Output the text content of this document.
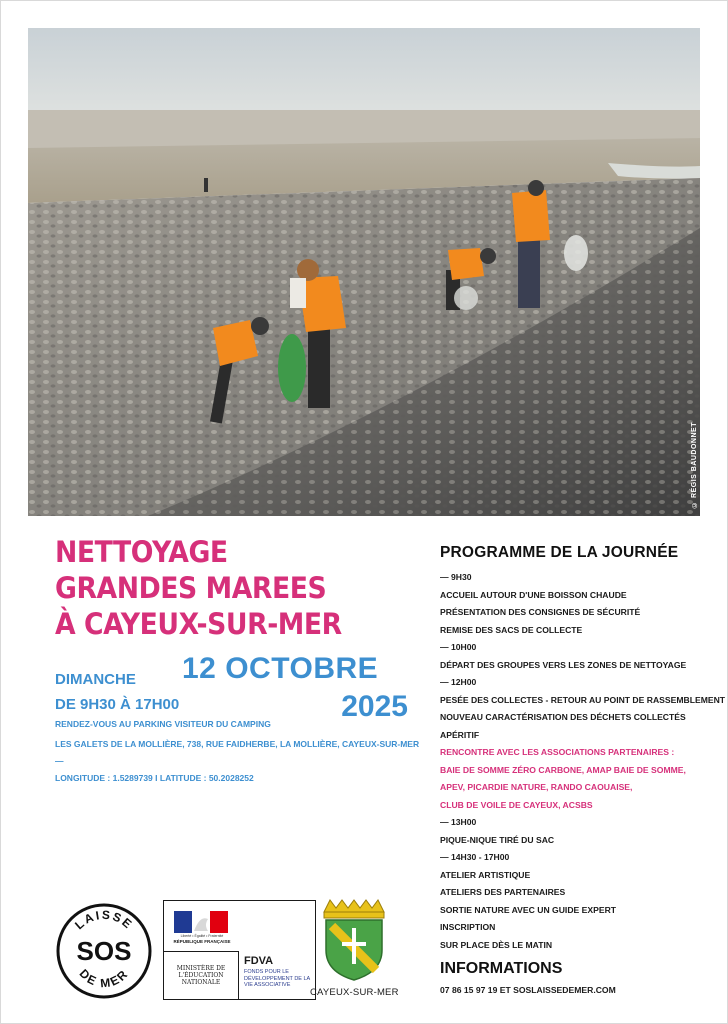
© RÉGIS BAUDONNET
NETTOYAGE
GRANDES MAREES
À CAYEUX-SUR-MER
DIMANCHE
DE 9H30 À 17H00
12 OCTOBRE
2025
RENDEZ-VOUS AU PARKING VISITEUR DU CAMPING
LES GALETS DE LA MOLLIÈRE, 738, RUE FAIDHERBE, LA MOLLIÈRE, CAYEUX-SUR-MER
—
LONGITUDE : 1.5289739 I LATITUDE : 50.2028252
PROGRAMME DE LA JOURNÉE
— 9H30
ACCUEIL AUTOUR D'UNE BOISSON CHAUDE
PRÉSENTATION DES CONSIGNES DE SÉCURITÉ
REMISE DES SACS DE COLLECTE
— 10H00
DÉPART DES GROUPES VERS LES ZONES DE NETTOYAGE
— 12H00
PESÉE DES COLLECTES - RETOUR AU POINT DE RASSEMBLEMENT
NOUVEAU CARACTÉRISATION DES DÉCHETS COLLECTÉS
APÉRITIF
RENCONTRE AVEC LES ASSOCIATIONS PARTENAIRES :
BAIE DE SOMME ZÉRO CARBONE, AMAP BAIE DE SOMME,
APEV, PICARDIE NATURE, RANDO CAOUAISE,
CLUB DE VOILE DE CAYEUX, ACSBS
— 13H00
PIQUE-NIQUE TIRÉ DU SAC
— 14H30 - 17H00
ATELIER ARTISTIQUE
ATELIERS DES PARTENAIRES
SORTIE NATURE AVEC UN GUIDE EXPERT
INSCRIPTION
SUR PLACE DÈS LE MATIN
INFORMATIONS
07 86 15 97 19 ET SOSLAISSEDEMER.COM
LAISSE
SOS
DE MER
Liberté • Égalité • Fraternité
RÉPUBLIQUE FRANÇAISE
MINISTÈRE DE L'ÉDUCATION NATIONALE
FDVA
FONDS POUR LE DÉVELOPPEMENT DE LA VIE ASSOCIATIVE
CAYEUX-SUR-MER
